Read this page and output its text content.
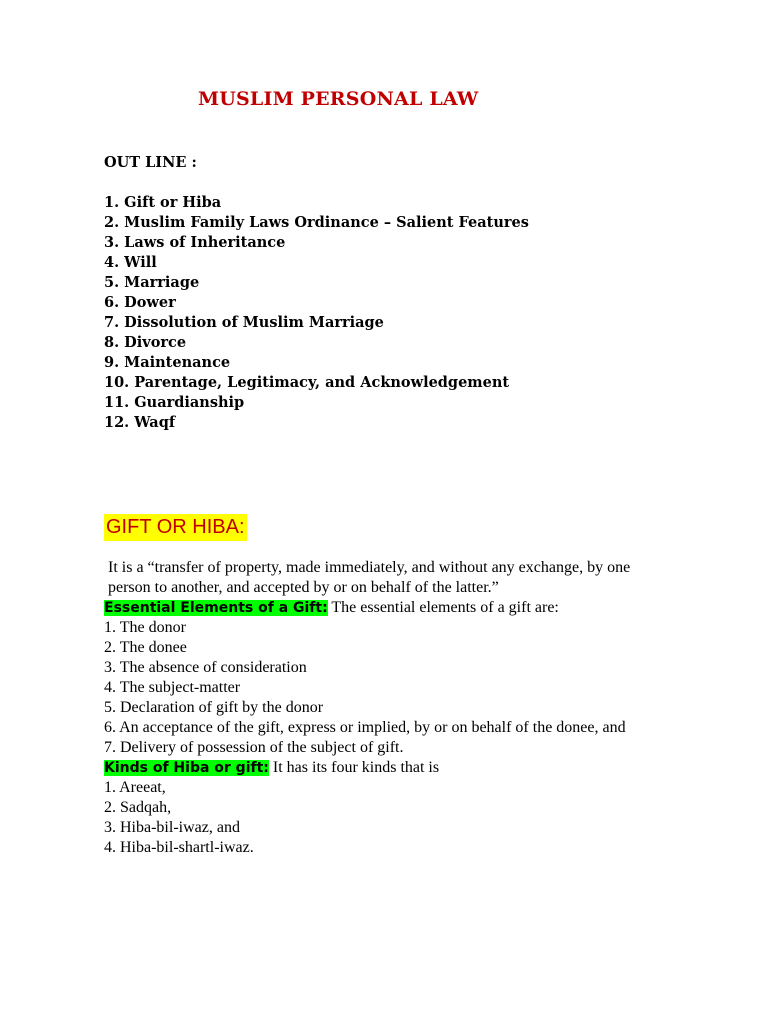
MUSLIM PERSONAL LAW
OUT LINE :
1. Gift or Hiba
2. Muslim Family Laws Ordinance – Salient Features
3. Laws of Inheritance
4. Will
5. Marriage
6. Dower
7. Dissolution of Muslim Marriage
8. Divorce
9. Maintenance
10. Parentage, Legitimacy, and Acknowledgement
11. Guardianship
12. Waqf
GIFT OR HIBA:

It is a “transfer of property, made immediately, and without any exchange, by one person to another, and accepted by or on behalf of the latter.”

Essential Elements of a Gift: The essential elements of a gift are:

1. The donor
2. The donee
3. The absence of consideration
4. The subject-matter
5. Declaration of gift by the donor
6. An acceptance of the gift, express or implied, by or on behalf of the donee, and
7. Delivery of possession of the subject of gift.

Kinds of Hiba or gift: It has its four kinds that is

1. Areeat,
2. Sadqah,
3. Hiba-bil-iwaz, and
4. Hiba-bil-shartl-iwaz.
